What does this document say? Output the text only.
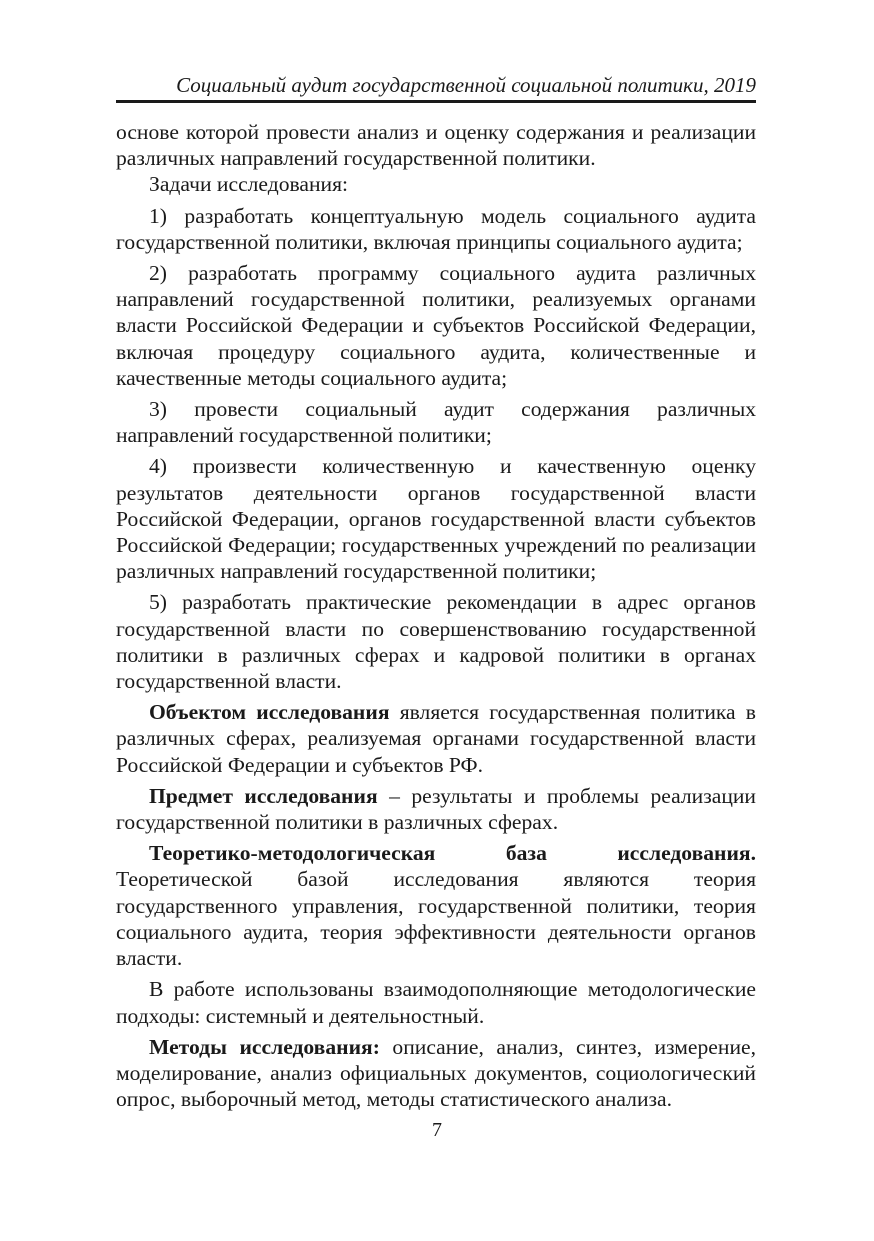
Социальный аудит государственной социальной политики, 2019

основе которой провести анализ и оценку содержания и реализации различных направлений государственной политики.

Задачи исследования:

1) разработать концептуальную модель социального аудита государственной политики, включая принципы социального аудита;

2) разработать программу социального аудита различных направлений государственной политики, реализуемых органами власти Российской Федерации и субъектов Российской Федерации, включая процедуру социального аудита, количественные и качественные методы социального аудита;

3) провести социальный аудит содержания различных направлений государственной политики;

4) произвести количественную и качественную оценку результатов деятельности органов государственной власти Российской Федерации, органов государственной власти субъектов Российской Федерации; государственных учреждений по реализации различных направлений государственной политики;

5) разработать практические рекомендации в адрес органов государственной власти по совершенствованию государственной политики в различных сферах и кадровой политики в органах государственной власти.

Объектом исследования является государственная политика в различных сферах, реализуемая органами государственной власти Российской Федерации и субъектов РФ.

Предмет исследования – результаты и проблемы реализации государственной политики в различных сферах.

Теоретико-методологическая база исследования. Теоретической базой исследования являются теория государственного управления, государственной политики, теория социального аудита, теория эффективности деятельности органов власти.

В работе использованы взаимодополняющие методологические подходы: системный и деятельностный.

Методы исследования: описание, анализ, синтез, измерение, моделирование, анализ официальных документов, социологический опрос, выборочный метод, методы статистического анализа.

7
